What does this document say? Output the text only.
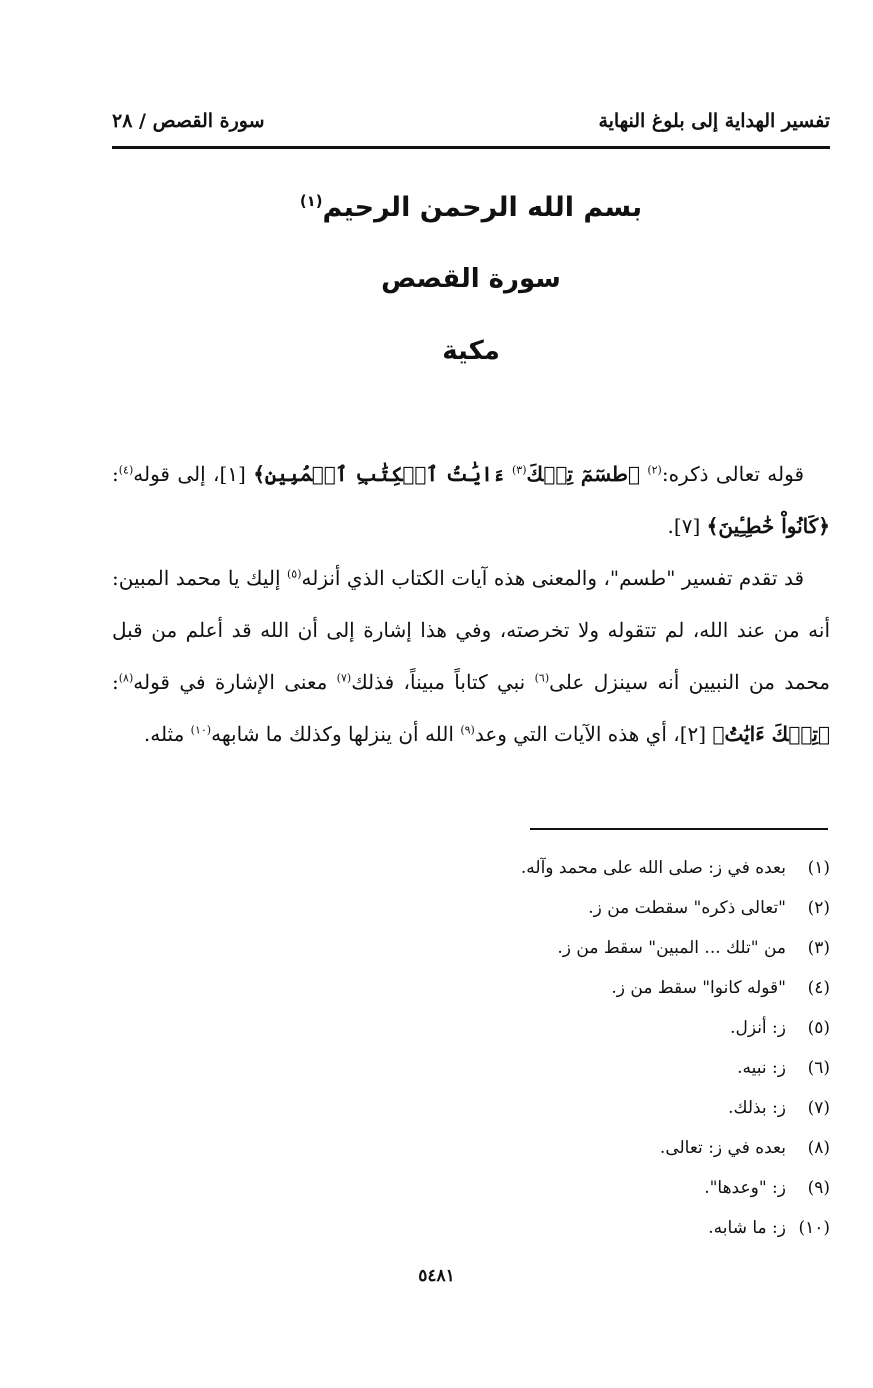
تفسير الهداية إلى بلوغ النهاية
سورة القصص / ٢٨
بسم الله الرحمن الرحيم$^{(١)}$
سورة القصص
مكية

قوله تعالى ذكره:$^{(٢)}$ ﴿طسٓمٓ تِلۡكَ$^{(٣)}$ ءَايَٰتُ ٱلۡكِتَٰبِ ٱلۡمُبِينِ﴾ [١]، إلى قوله$^{(٤)}$: ﴿كَانُواْ خَٰطِـِٔينَ﴾ [٧].

قد تقدم تفسير "طسم"، والمعنى هذه آيات الكتاب الذي أنزله$^{(٥)}$ إليك يا محمد المبين: أنه من عند الله، لم تتقوله ولا تخرصته، وفي هذا إشارة إلى أن الله قد أعلم من قبل محمد من النبيين أنه سينزل على$^{(٦)}$ نبي كتاباً مبيناً، فذلك$^{(٧)}$ معنى الإشارة في قوله$^{(٨)}$: ﴿تِلۡكَ ءَايَٰتُ﴾ [٢]، أي هذه الآيات التي وعد$^{(٩)}$ الله أن ينزلها وكذلك ما شابهه$^{(١٠)}$ مثله.

(١)
بعده في ز: صلى الله على محمد وآله.
(٢)
"تعالى ذكره" سقطت من ز.
(٣)
من "تلك ... المبين" سقط من ز.
(٤)
"قوله كانوا" سقط من ز.
(٥)
ز: أنزل.
(٦)
ز: نبيه.
(٧)
ز: بذلك.
(٨)
بعده في ز: تعالى.
(٩)
ز: "وعدها".
(١٠)
ز: ما شابه.
٥٤٨١
